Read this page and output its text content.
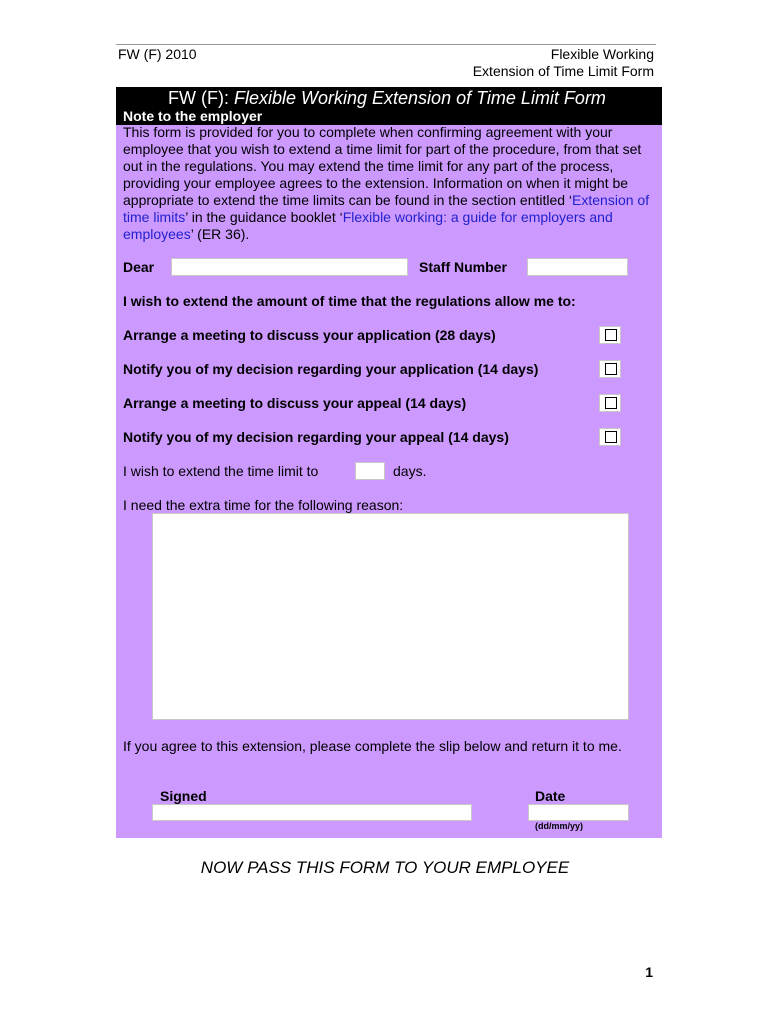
FW (F) 2010	Flexible Working
Extension of Time Limit Form
FW (F): Flexible Working Extension of Time Limit Form
Note to the employer
This form is provided for you to complete when confirming agreement with your employee that you wish to extend a time limit for part of the procedure, from that set out in the regulations. You may extend the time limit for any part of the process, providing your employee agrees to the extension. Information on when it might be appropriate to extend the time limits can be found in the section entitled ‘Extension of time limits’ in the guidance booklet ‘Flexible working: a guide for employers and employees’ (ER 36).
Dear	Staff Number
I wish to extend the amount of time that the regulations allow me to:
Arrange a meeting to discuss your application (28 days)
Notify you of my decision regarding your application (14 days)
Arrange a meeting to discuss your appeal (14 days)
Notify you of my decision regarding your appeal (14 days)
I wish to extend the time limit to	days.
I need the extra time for the following reason:
If you agree to this extension, please complete the slip below and return it to me.
Signed	Date
(dd/mm/yy)
NOW PASS THIS FORM TO YOUR EMPLOYEE
1
